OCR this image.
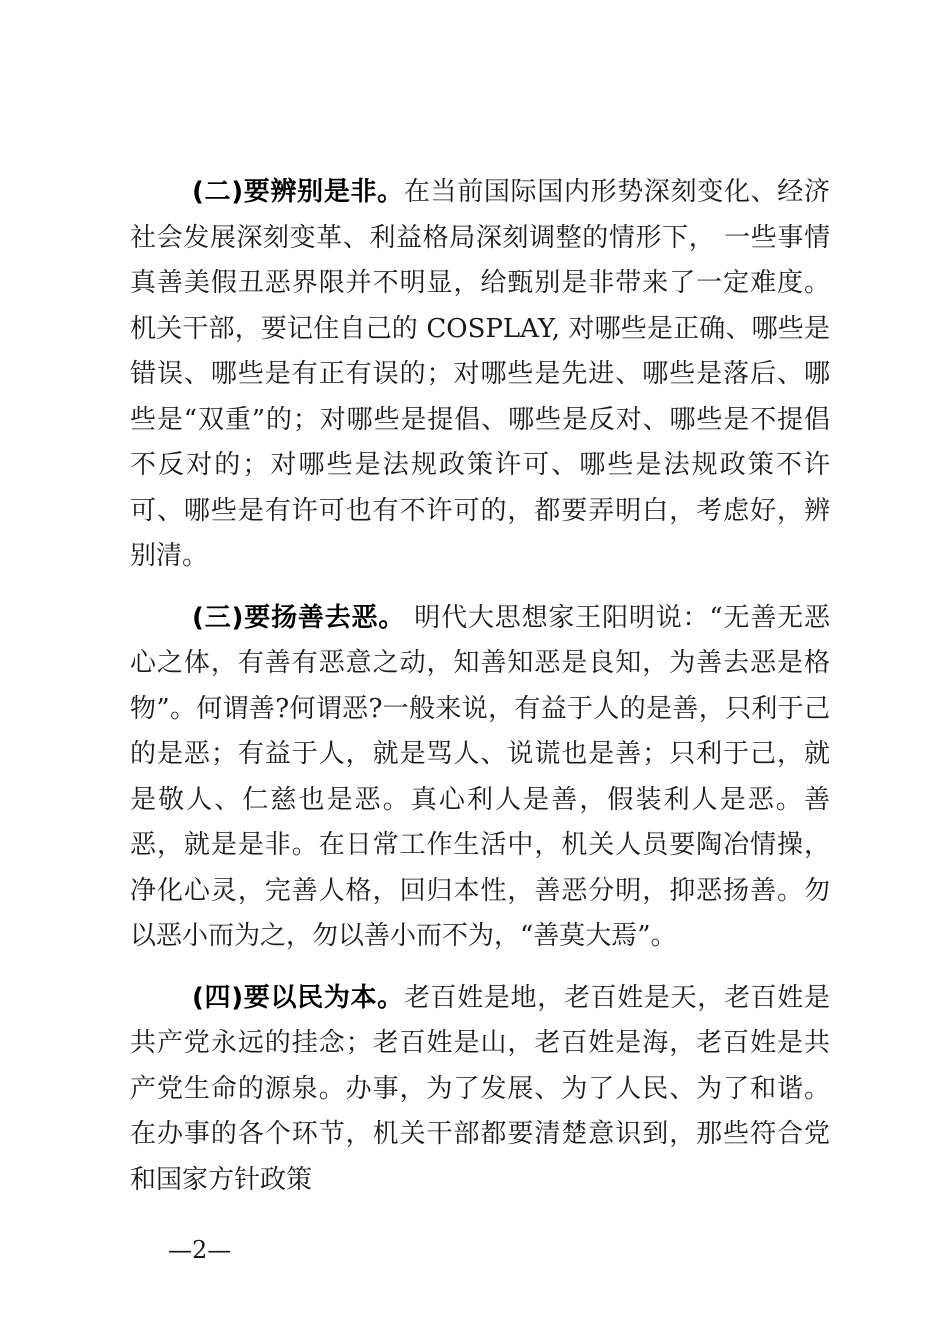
(二)要辨别是非。在当前国际国内形势深刻变化、经济社会发展深刻变革、利益格局深刻调整的情形下， 一些事情真善美假丑恶界限并不明显，给甄别是非带来了一定难度。机关干部，要记住自己的 COSPLAY, 对哪些是正确、哪些是错误、哪些是有正有误的；对哪些是先进、哪些是落后、哪些是“双重”的；对哪些是提倡、哪些是反对、哪些是不提倡不反对的；对哪些是法规政策许可、哪些是法规政策不许可、哪些是有许可也有不许可的，都要弄明白，考虑好，辨别清。

(三)要扬善去恶。 明代大思想家王阳明说：“无善无恶心之体，有善有恶意之动，知善知恶是良知，为善去恶是格物”。何谓善?何谓恶?一般来说，有益于人的是善，只利于己的是恶；有益于人，就是骂人、说谎也是善；只利于己，就是敬人、仁慈也是恶。真心利人是善，假装利人是恶。善恶，就是是非。在日常工作生活中，机关人员要陶冶情操，净化心灵，完善人格，回归本性，善恶分明，抑恶扬善。勿以恶小而为之，勿以善小而不为，“善莫大焉”。

(四)要以民为本。老百姓是地，老百姓是天，老百姓是共产党永远的挂念；老百姓是山，老百姓是海，老百姓是共产党生命的源泉。办事，为了发展、为了人民、为了和谐。在办事的各个环节，机关干部都要清楚意识到，那些符合党和国家方针政策

—2—
